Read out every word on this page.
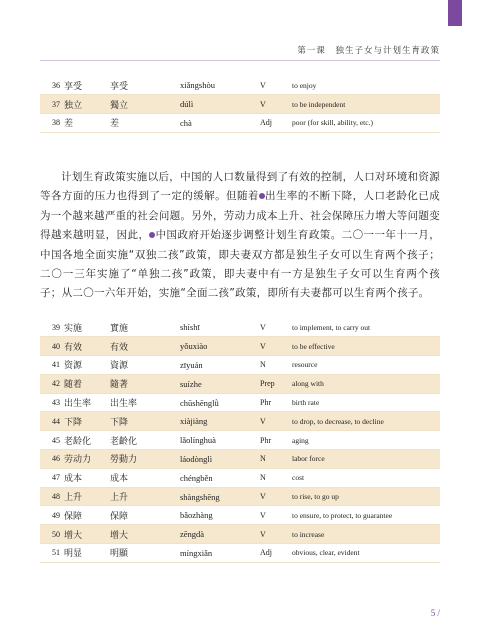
第一课 独生子女与计划生育政策
36	享受	享受	xiǎngshòu	V	to enjoy
37	独立	獨立	dúlì	V	to be independent
38	差	差	chà	Adj	poor (for skill, ability, etc.)
计划生育政策实施以后，中国的人口数量得到了有效的控制，人口对环境和资源等各方面的压力也得到了一定的缓解。但随着 出生率的不断下降，人口老龄化已成为一个越来越严重的社会问题。另外，劳动力成本上升、社会保障压力增大等问题变得越来越明显，因此， 中国政府开始逐步调整计划生育政策。二〇一一年十一月，中国各地全面实施“双独二孩”政策，即夫妻双方都是独生子女可以生育两个孩子；二〇一三年实施了“单独二孩”政策，即夫妻中有一方是独生子女可以生育两个孩子；从二〇一六年开始，实施“全面二孩”政策，即所有夫妻都可以生育两个孩子。
39	实施	實施	shíshī	V	to implement, to carry out
40	有效	有效	yǒuxiào	V	to be effective
41	资源	資源	zīyuán	N	resource
42	随着	隨著	suízhe	Prep	along with
43	出生率	出生率	chūshēnglǜ	Phr	birth rate
44	下降	下降	xiàjiàng	V	to drop, to decrease, to decline
45	老龄化	老齡化	lǎolínghuà	Phr	aging
46	劳动力	勞動力	láodònglì	N	labor force
47	成本	成本	chéngběn	N	cost
48	上升	上升	shàngshēng	V	to rise, to go up
49	保障	保障	bǎozhàng	V	to ensure, to protect, to guarantee
50	增大	增大	zēngdà	V	to increase
51	明显	明顯	míngxiǎn	Adj	obvious, clear, evident
5 /
